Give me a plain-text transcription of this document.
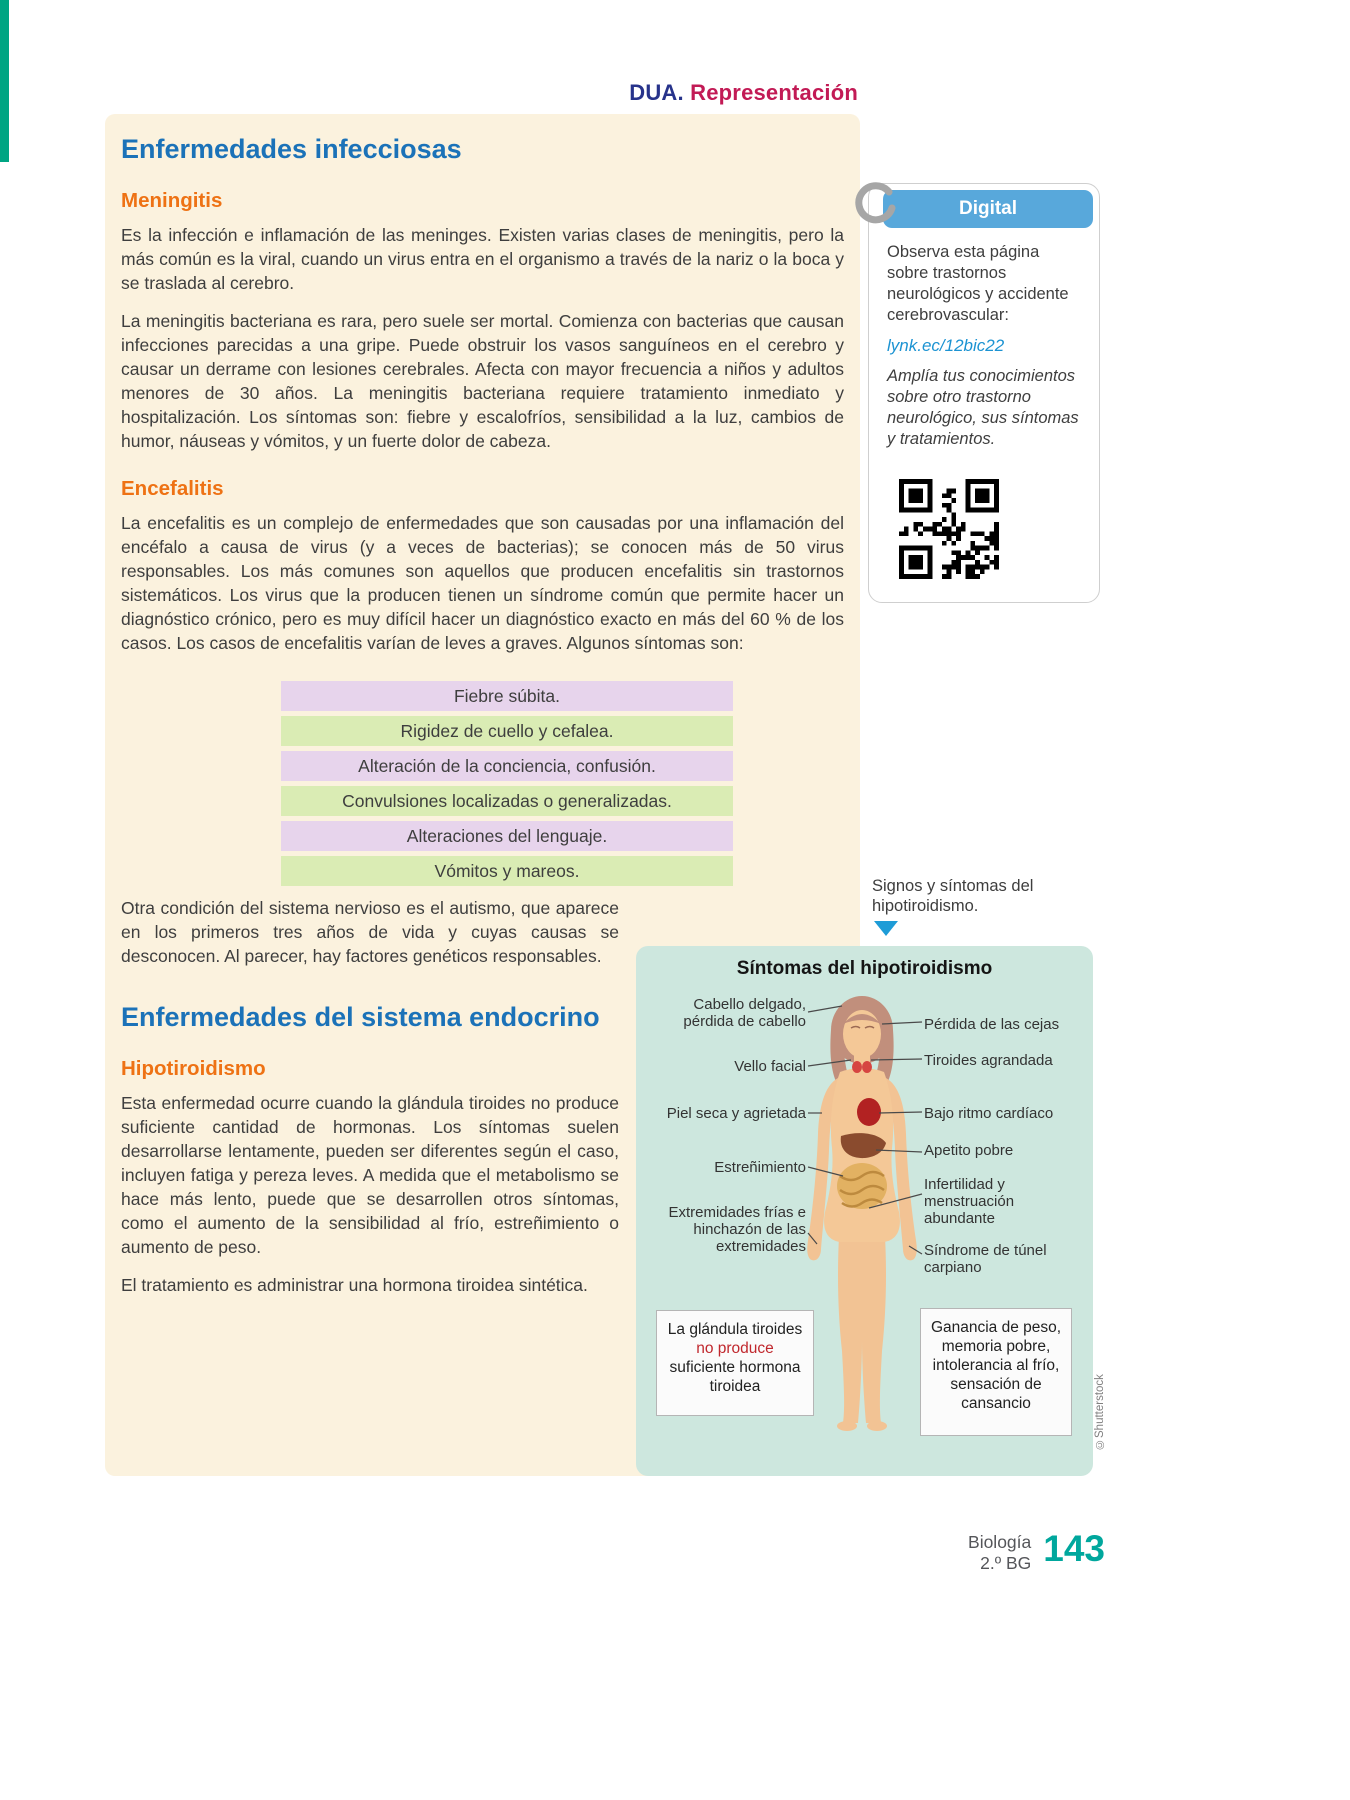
DUA. Representación
Enfermedades infecciosas
Meningitis

Es la infección e inflamación de las meninges. Existen varias clases de meningitis, pero la más común es la viral, cuando un virus entra en el organismo a través de la nariz o la boca y se traslada al cerebro.

La meningitis bacteriana es rara, pero suele ser mortal. Comienza con bacterias que causan infecciones parecidas a una gripe. Puede obstruir los vasos sanguíneos en el cerebro y causar un derrame con lesiones cerebrales. Afecta con mayor frecuencia a niños y adultos menores de 30 años. La meningitis bacteriana requiere tratamiento inmediato y hospitalización. Los síntomas son: fiebre y escalofríos, sensibilidad a la luz, cambios de humor, náuseas y vómitos, y un fuerte dolor de cabeza.

Encefalitis

La encefalitis es un complejo de enfermedades que son causadas por una inflamación del encéfalo a causa de virus (y a veces de bacterias); se conocen más de 50 virus responsables. Los más comunes son aquellos que producen encefalitis sin trastornos sistemáticos. Los virus que la producen tienen un síndrome común que permite hacer un diagnóstico crónico, pero es muy difícil hacer un diagnóstico exacto en más del 60 % de los casos. Los casos de encefalitis varían de leves a graves. Algunos síntomas son:

Fiebre súbita.
Rigidez de cuello y cefalea.
Alteración de la conciencia, confusión.
Convulsiones localizadas o generalizadas.
Alteraciones del lenguaje.
Vómitos y mareos.

Otra condición del sistema nervioso es el autismo, que aparece en los primeros tres años de vida y cuyas causas se desconocen. Al parecer, hay factores genéticos responsables.

Enfermedades del sistema endocrino
Hipotiroidismo

Esta enfermedad ocurre cuando la glándula tiroides no produce suficiente cantidad de hormonas. Los síntomas suelen desarrollarse lentamente, pueden ser diferentes según el caso, incluyen fatiga y pereza leves. A medida que el metabolismo se hace más lento, puede que se desarrollen otros síntomas, como el aumento de la sensibilidad al frío, estreñimiento o aumento de peso.

El tratamiento es administrar una hormona tiroidea sintética.

Digital
Observa esta página sobre trastornos neurológicos y accidente cerebrovascular:
lynk.ec/12bic22
Amplía tus conocimientos sobre otro trastorno neurológico, sus síntomas y tratamientos.
Signos y síntomas del hipotiroidismo.
Síntomas del hipotiroidismo
Cabello delgado, pérdida de cabello
Vello facial
Piel seca y agrietada
Estreñimiento
Extremidades frías e hinchazón de las extremidades
Pérdida de las cejas
Tiroides agrandada
Bajo ritmo cardíaco
Apetito pobre
Infertilidad y menstruación abundante
Síndrome de túnel carpiano
La glándula tiroides no produce suficiente hormona tiroidea
Ganancia de peso, memoria pobre, intolerancia al frío, sensación de cansancio	©Shutterstock
Biología
2.º BG 143
